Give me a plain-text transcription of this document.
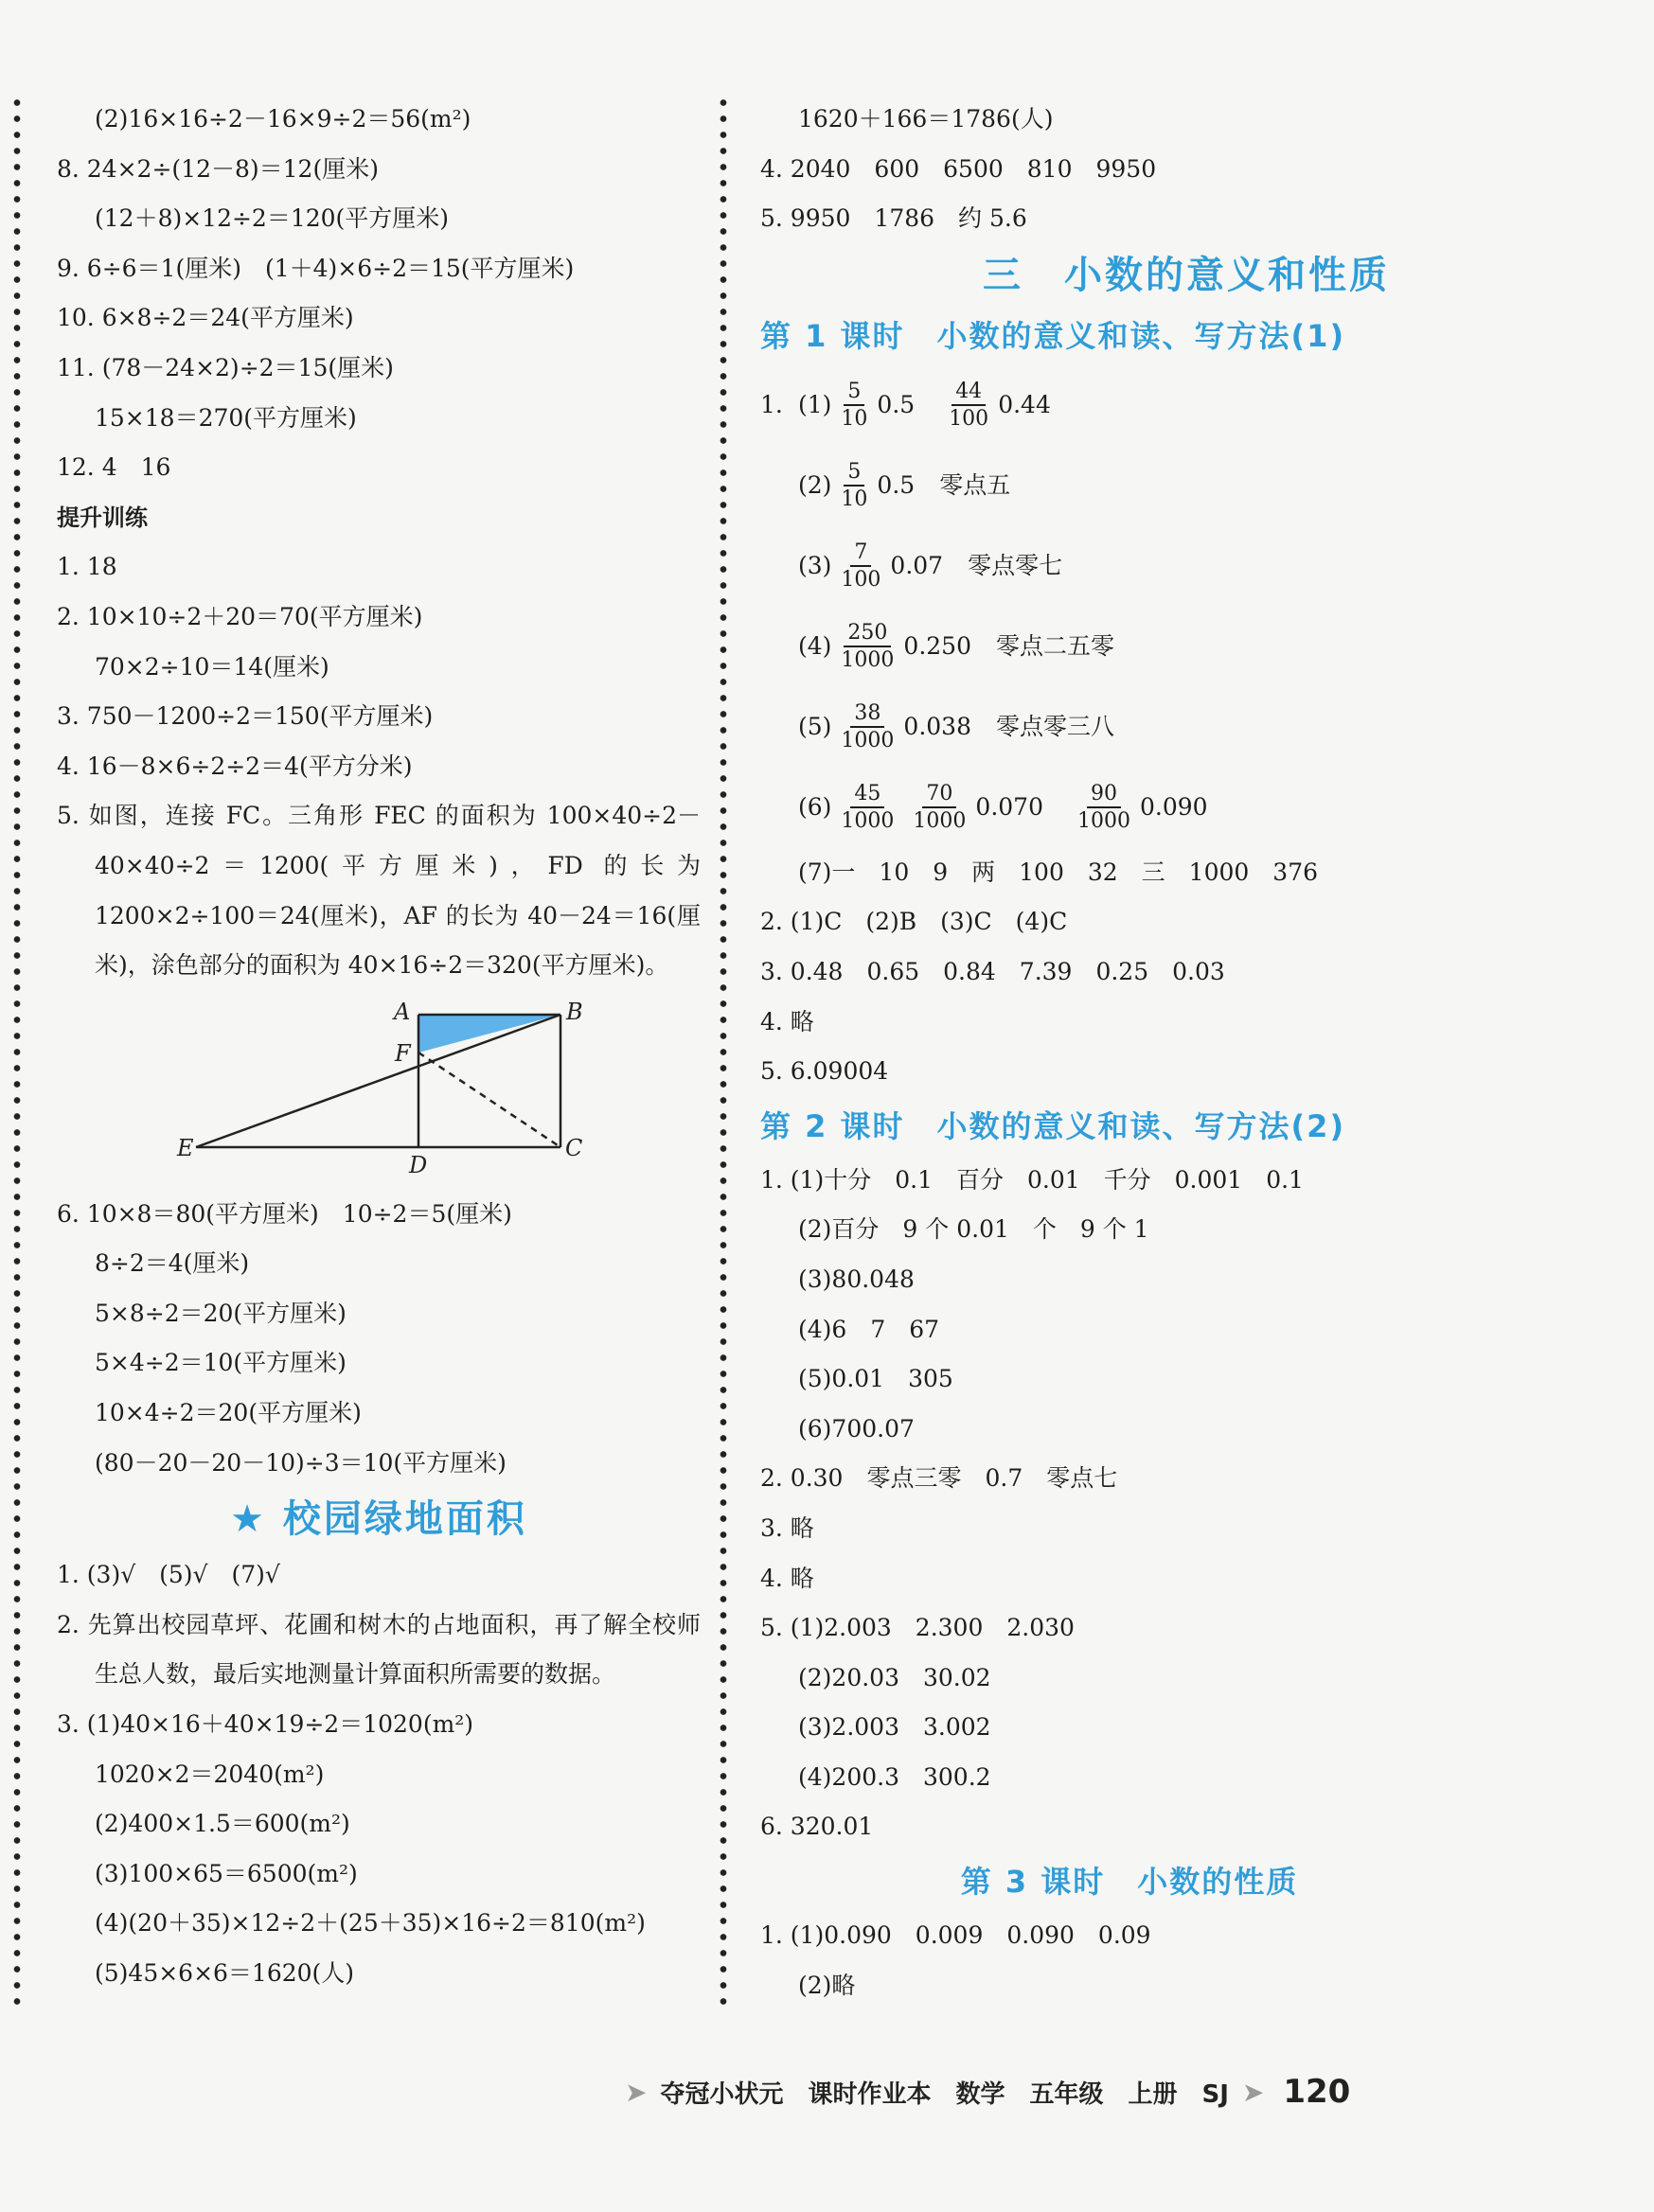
(2)16×16÷2－16×9÷2＝56(m²)
8. 24×2÷(12－8)＝12(厘米)
(12＋8)×12÷2＝120(平方厘米)
9. 6÷6＝1(厘米)　(1＋4)×6÷2＝15(平方厘米)
10. 6×8÷2＝24(平方厘米)
11. (78－24×2)÷2＝15(厘米)
15×18＝270(平方厘米)
12. 4　16
提升训练
1. 18
2. 10×10÷2＋20＝70(平方厘米)
70×2÷10＝14(厘米)
3. 750－1200÷2＝150(平方厘米)
4. 16－8×6÷2÷2＝4(平方分米)
5. 如图，连接 FC。三角形 FEC 的面积为 100×40÷2－40×40÷2＝1200(平方厘米)，FD 的长为 1200×2÷100＝24(厘米)，AF 的长为 40－24＝16(厘米)，涂色部分的面积为 40×16÷2＝320(平方厘米)。
A	B
F
E
D
C
6. 10×8＝80(平方厘米)　10÷2＝5(厘米)
8÷2＝4(厘米)
5×8÷2＝20(平方厘米)
5×4÷2＝10(平方厘米)
10×4÷2＝20(平方厘米)
(80－20－20－10)÷3＝10(平方厘米)
★ 校园绿地面积
1. (3)√　(5)√　(7)√
2. 先算出校园草坪、花圃和树木的占地面积，再了解全校师生总人数，最后实地测量计算面积所需要的数据。
3. (1)40×16＋40×19÷2＝1020(m²)
1020×2＝2040(m²)
(2)400×1.5＝600(m²)
(3)100×65＝6500(m²)
(4)(20＋35)×12÷2＋(25＋35)×16÷2＝810(m²)
(5)45×6×6＝1620(人)
1620＋166＝1786(人)
4. 2040　600　6500　810　9950
5. 9950　1786　约 5.6
三　小数的意义和性质
第 1 课时　小数的意义和读、写方法(1)
1. $(1) \frac{5}{10} 0.5 \frac{44}{100} 0.44$
$(2) \frac{5}{10} 0.5$ 零点五
$(3) \frac{7}{100} 0.07$ 零点零七
$(4) \frac{250}{1000} 0.250$ 零点二五零
$(5) \frac{38}{1000} 0.038$ 零点零三八
$(6) \frac{45}{1000} \frac{70}{1000} 0.070 \frac{90}{1000} 0.090$
(7)一　10　9　两　100　32　三　1000　376
2. (1)C　(2)B　(3)C　(4)C
3. 0.48　0.65　0.84　7.39　0.25　0.03
4. 略
5. 6.09004
第 2 课时　小数的意义和读、写方法(2)
1. (1)十分　0.1　百分　0.01　千分　0.001　0.1
(2)百分　9 个 0.01　个　9 个 1
(3)80.048
(4)6　7　67
(5)0.01　305
(6)700.07
2. 0.30　零点三零　0.7　零点七
3. 略
4. 略
5. (1)2.003　2.300　2.030
(2)20.03　30.02
(3)2.003　3.002
(4)200.3　300.2
6. 320.01
第 3 课时　小数的性质
1. (1)0.090　0.009　0.090　0.09
(2)略
➤ 夺冠小状元　课时作业本　数学　五年级　上册　SJ ➤ 120
